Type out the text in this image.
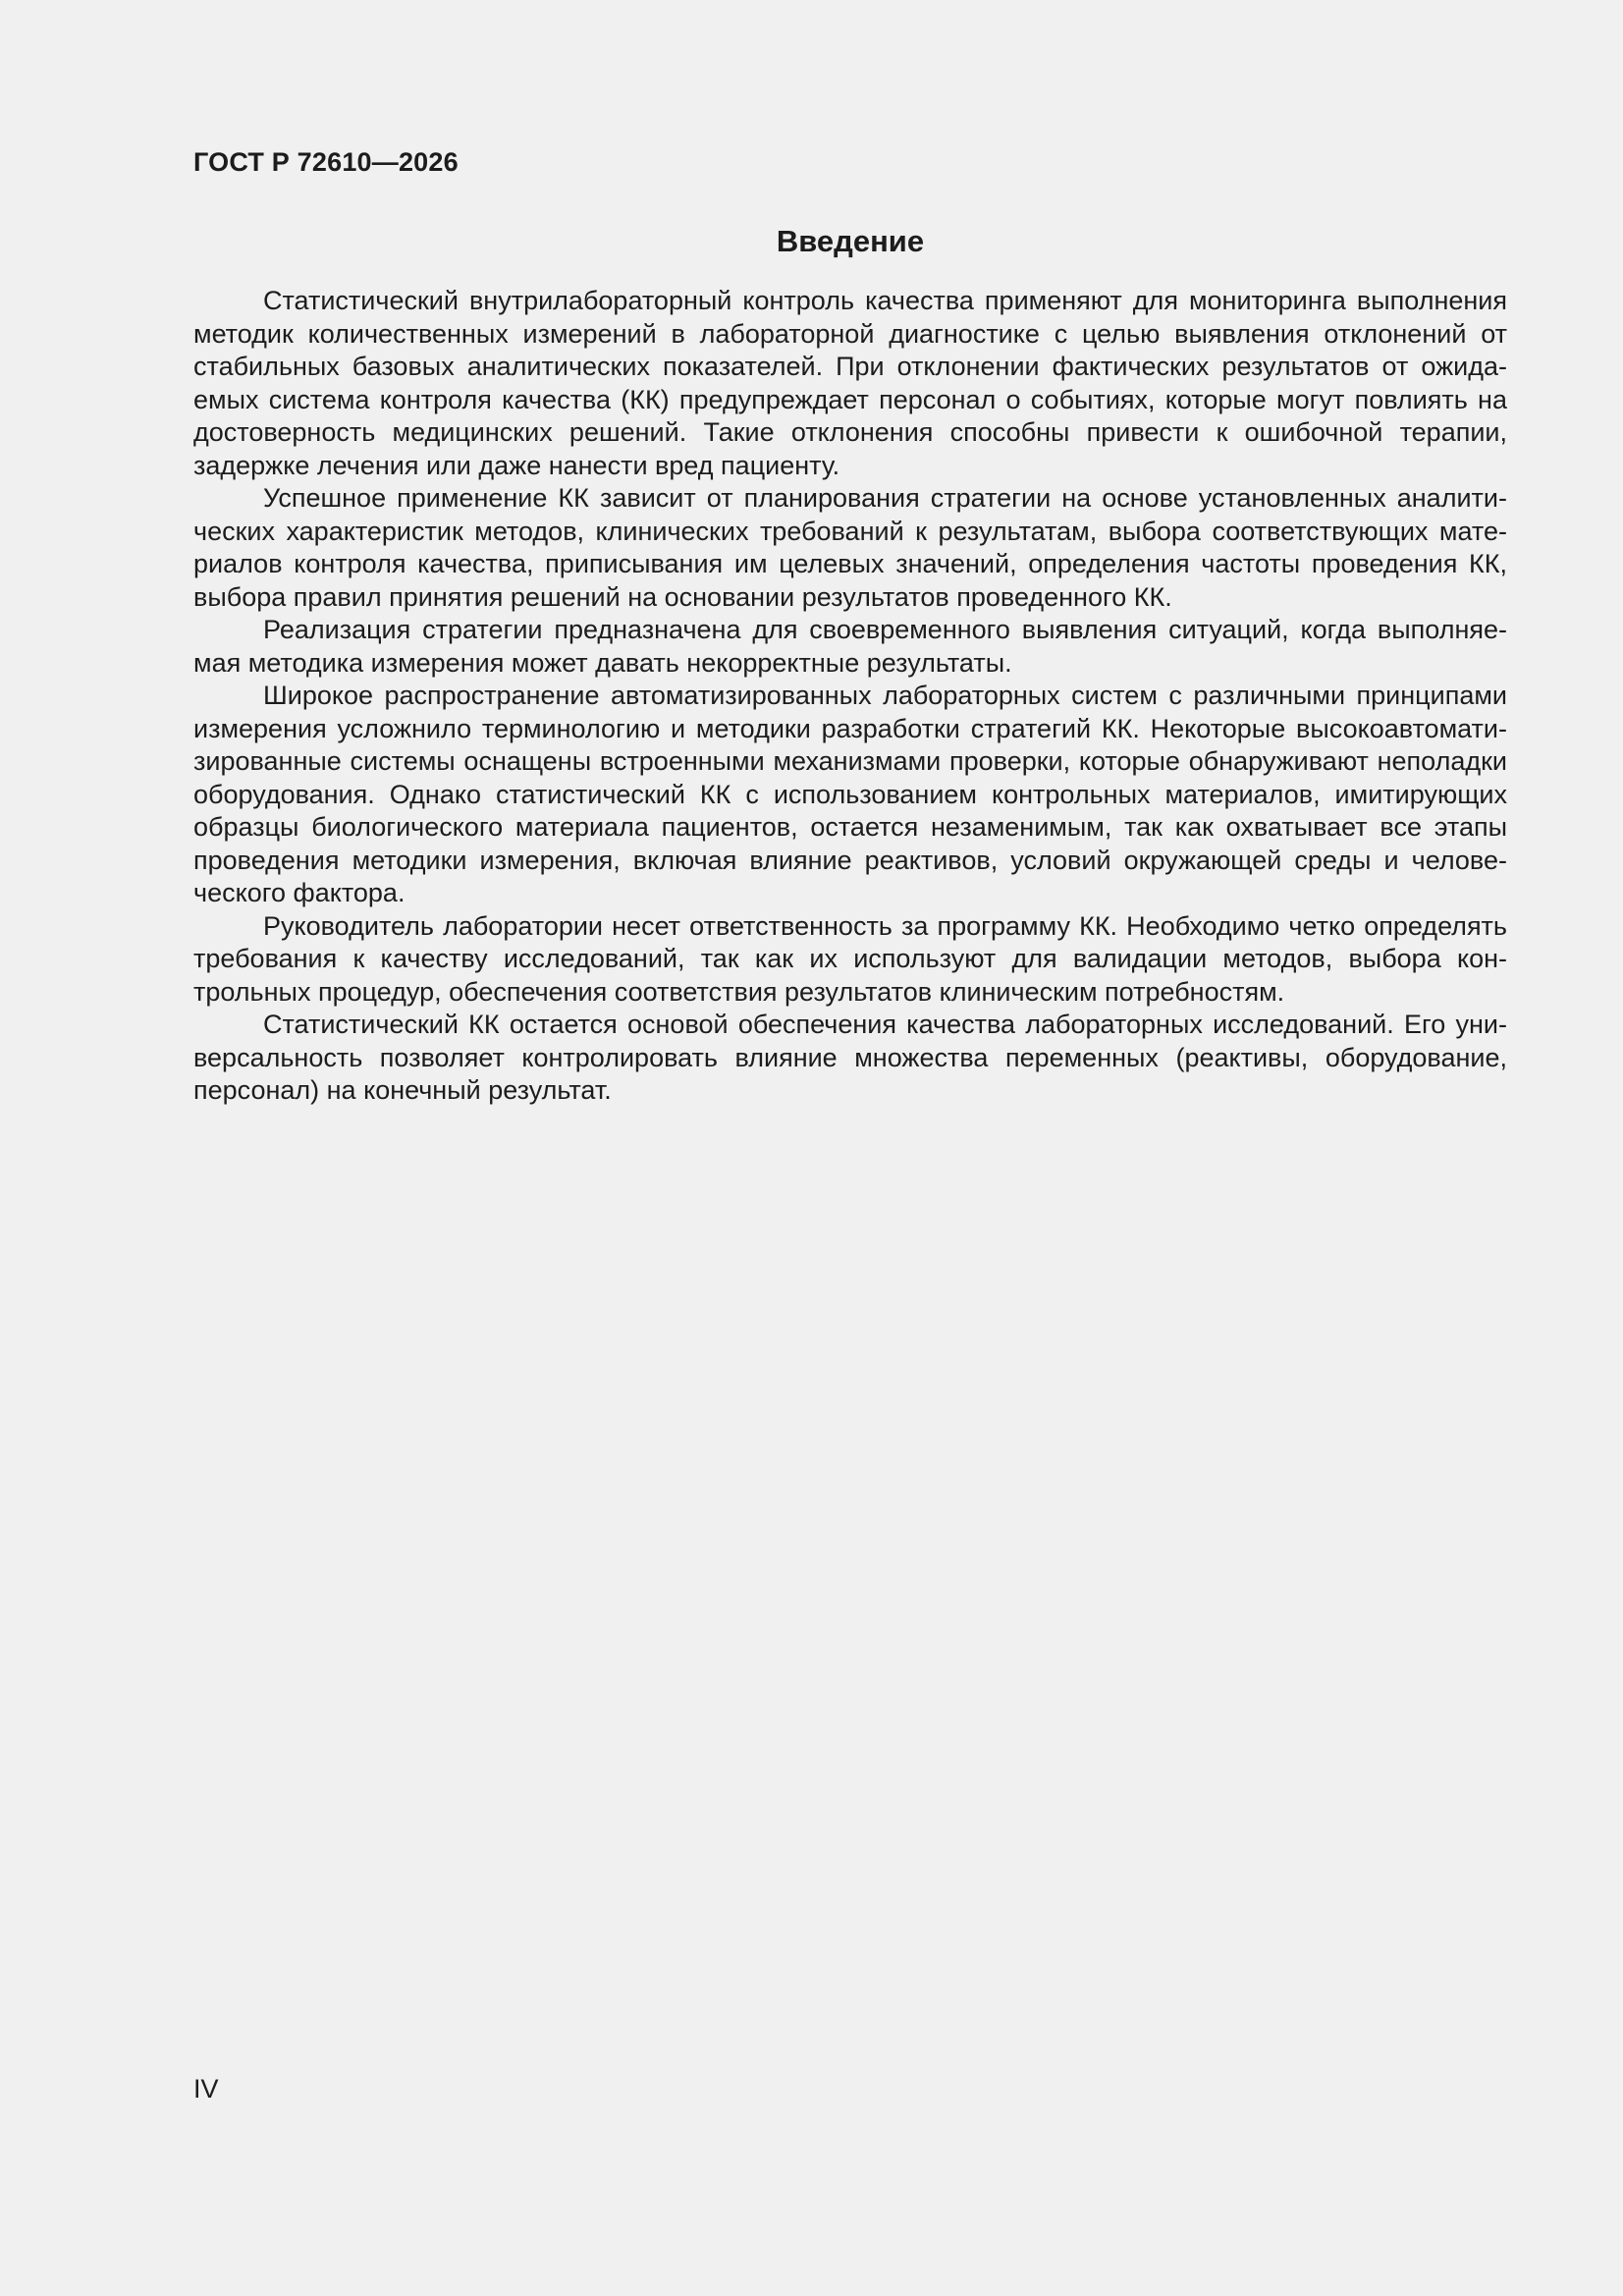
ГОСТ Р 72610—2026
Введение

Статистический внутрилабораторный контроль качества применяют для мониторинга выполнения методик количественных измерений в лабораторной диагностике с целью выявления отклонений от стабильных базовых аналитических показателей. При отклонении фактических результатов от ожидаемых система контроля качества (КК) предупреждает персонал о событиях, которые могут повлиять на достоверность медицинских решений. Такие отклонения способны привести к ошибочной терапии, задержке лечения или даже нанести вред пациенту.

Успешное применение КК зависит от планирования стратегии на основе установленных аналитических характеристик методов, клинических требований к результатам, выбора соответствующих материалов контроля качества, приписывания им целевых значений, определения частоты проведения КК, выбора правил принятия решений на основании результатов проведенного КК.

Реализация стратегии предназначена для своевременного выявления ситуаций, когда выполняемая методика измерения может давать некорректные результаты.

Широкое распространение автоматизированных лабораторных систем с различными принципами измерения усложнило терминологию и методики разработки стратегий КК. Некоторые высокоавтоматизированные системы оснащены встроенными механизмами проверки, которые обнаруживают неполадки оборудования. Однако статистический КК с использованием контрольных материалов, имитирующих образцы биологического материала пациентов, остается незаменимым, так как охватывает все этапы проведения методики измерения, включая влияние реактивов, условий окружающей среды и человеческого фактора.

Руководитель лаборатории несет ответственность за программу КК. Необходимо четко определять требования к качеству исследований, так как их используют для валидации методов, выбора контрольных процедур, обеспечения соответствия результатов клиническим потребностям.

Статистический КК остается основой обеспечения качества лабораторных исследований. Его универсальность позволяет контролировать влияние множества переменных (реактивы, оборудование, персонал) на конечный результат.

IV
